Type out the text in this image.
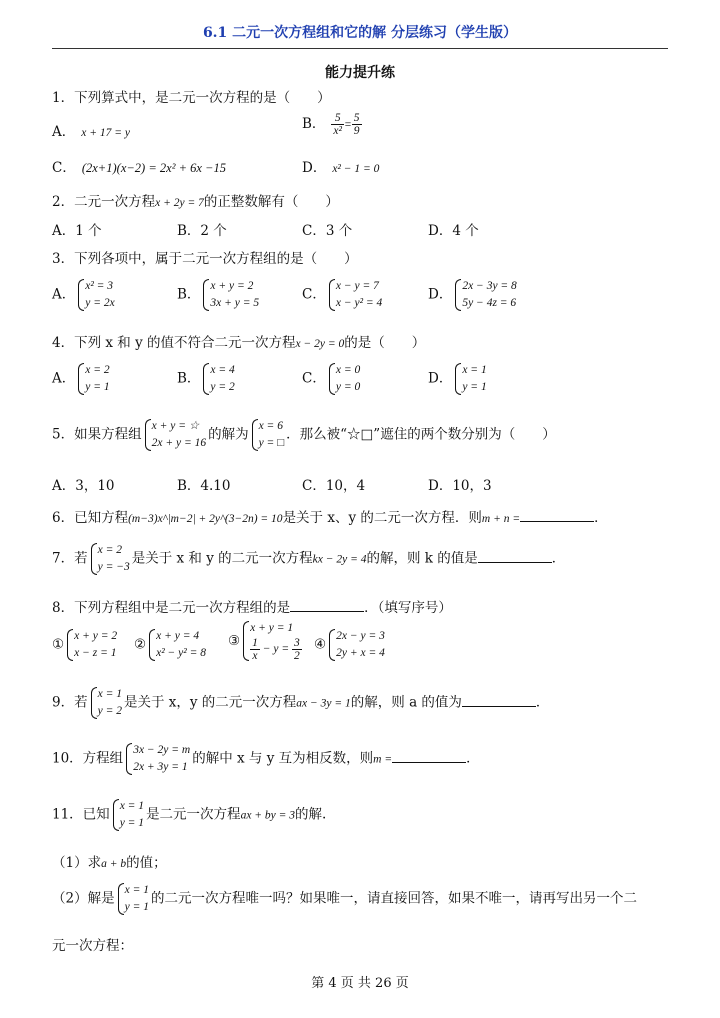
6.1 二元一次方程组和它的解 分层练习（学生版）
能力提升练
1．下列算式中，是二元一次方程的是（　　）
A． x + 17 = y
B． $\frac{5}{\text{x²}} = \frac{5}{9}$
C． (2x+1)(x−2) = 2x² + 6x −15	D． x² − 1 = 0
2．二元一次方程x + 2y = 7的正整数解有（　　）
A．1 个	B．2 个	C．3 个	D．4 个
3．下列各项中，属于二元一次方程组的是（　　）
A．
x² = 3
y = 2x
B．
x + y = 2
3x + y = 5
C．
x − y = 7
x − y² = 4
D．
2x − 3y = 8
5y − 4z = 6
4．下列 x 和 y 的值不符合二元一次方程x − 2y = 0的是（　　）
A．
x = 2
y = 1
B．
x = 4
y = 2
C．
x = 0
y = 0
D．
x = 1
y = 1
5．如果方程组
x + y = ☆
2x + y = 16
的解为
x = 6
y = □
．那么被“☆□”遮住的两个数分别为（　　）
A．3，10	B．4.10	C．10，4	D．10，3
6．已知方程(m−3)x^|m−2| + 2y^(3−2n) = 10是关于 x、y 的二元一次方程．则m + n =	．
7．若
x = 2
y = −3
是关于 x 和 y 的二元一次方程kx − 2y = 4的解，则 k 的值是	．
8．下列方程组中是二元一次方程组的是	．（填写序号）
①
x + y = 2
x − z = 1
②
x + y = 4
x² − y² = 8
③
x + y = 1
$\frac{1}{x} - y = \frac{3}{2}$ ④
2x − y = 3
2y + x = 4
9．若
x = 1
y = 2
是关于 x，y 的二元一次方程ax − 3y = 1的解，则 a 的值为	．
10．方程组
3x − 2y = m
2x + 3y = 1
的解中 x 与 y 互为相反数，则m =	．
11．已知
x = 1
y = 1
是二元一次方程ax + by = 3的解.
（1）求a + b的值；
（2）解是
x = 1
y = 1
的二元一次方程唯一吗？如果唯一，请直接回答，如果不唯一，请再写出另一个二
元一次方程：
第 4 页 共 26 页
